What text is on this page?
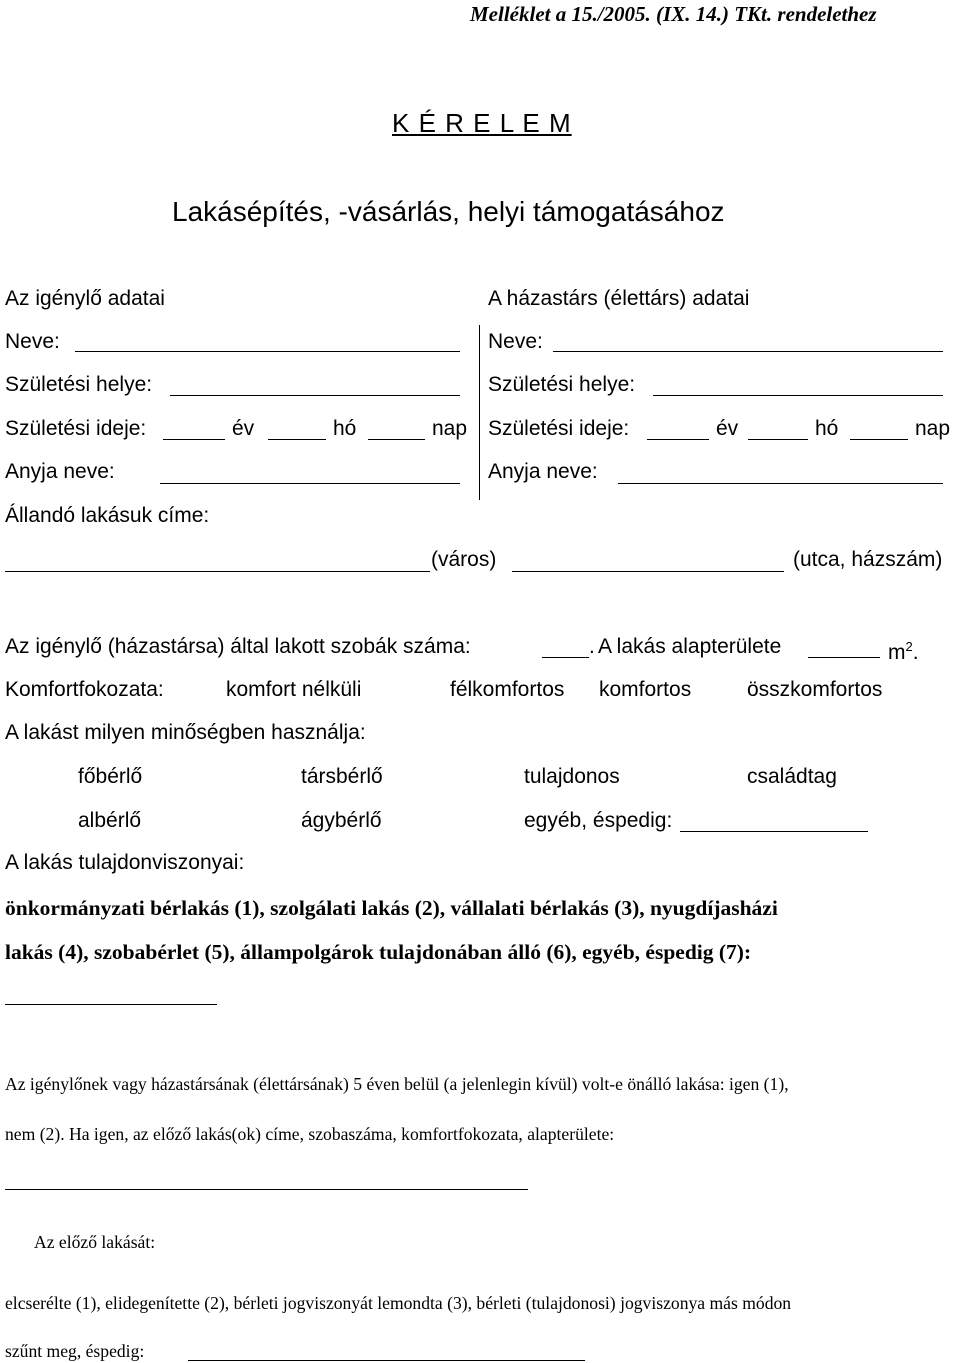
Melléklet a 15./2005. (IX. 14.) TKt. rendelethez
K É R E L E M
Lakásépítés, -vásárlás, helyi támogatásához
Az igénylő adatai
Neve:
Születési helye:
Születési ideje:	év	hó	nap
Anyja neve:
A házastárs (élettárs) adatai
Neve:
Születési helye:
Születési ideje:	év	hó	nap
Anyja neve:
Állandó lakásuk címe:
(város)	(utca, házszám)
Az igénylő (házastársa) által lakott szobák száma:	. A lakás alapterülete	$m^2$.
Komfortfokozata:	komfort nélküli	félkomfortos komfortos	összkomfortos
A lakást milyen minőségben használja:
főbérlő	társbérlő	tulajdonos	családtag
albérlő	ágybérlő	egyéb, éspedig:
A lakás tulajdonviszonyai:
önkormányzati bérlakás (1), szolgálati lakás (2), vállalati bérlakás (3), nyugdíjasházi
lakás (4), szobabérlet (5), állampolgárok tulajdonában álló (6), egyéb, éspedig (7):
Az igénylőnek vagy házastársának (élettársának) 5 éven belül (a jelenlegin kívül) volt-e önálló lakása: igen (1),
nem (2). Ha igen, az előző lakás(ok) címe, szobaszáma, komfortfokozata, alapterülete:
Az előző lakását:
elcserélte (1), elidegenítette (2), bérleti jogviszonyát lemondta (3), bérleti (tulajdonosi) jogviszonya más módon
szűnt meg, éspedig:
